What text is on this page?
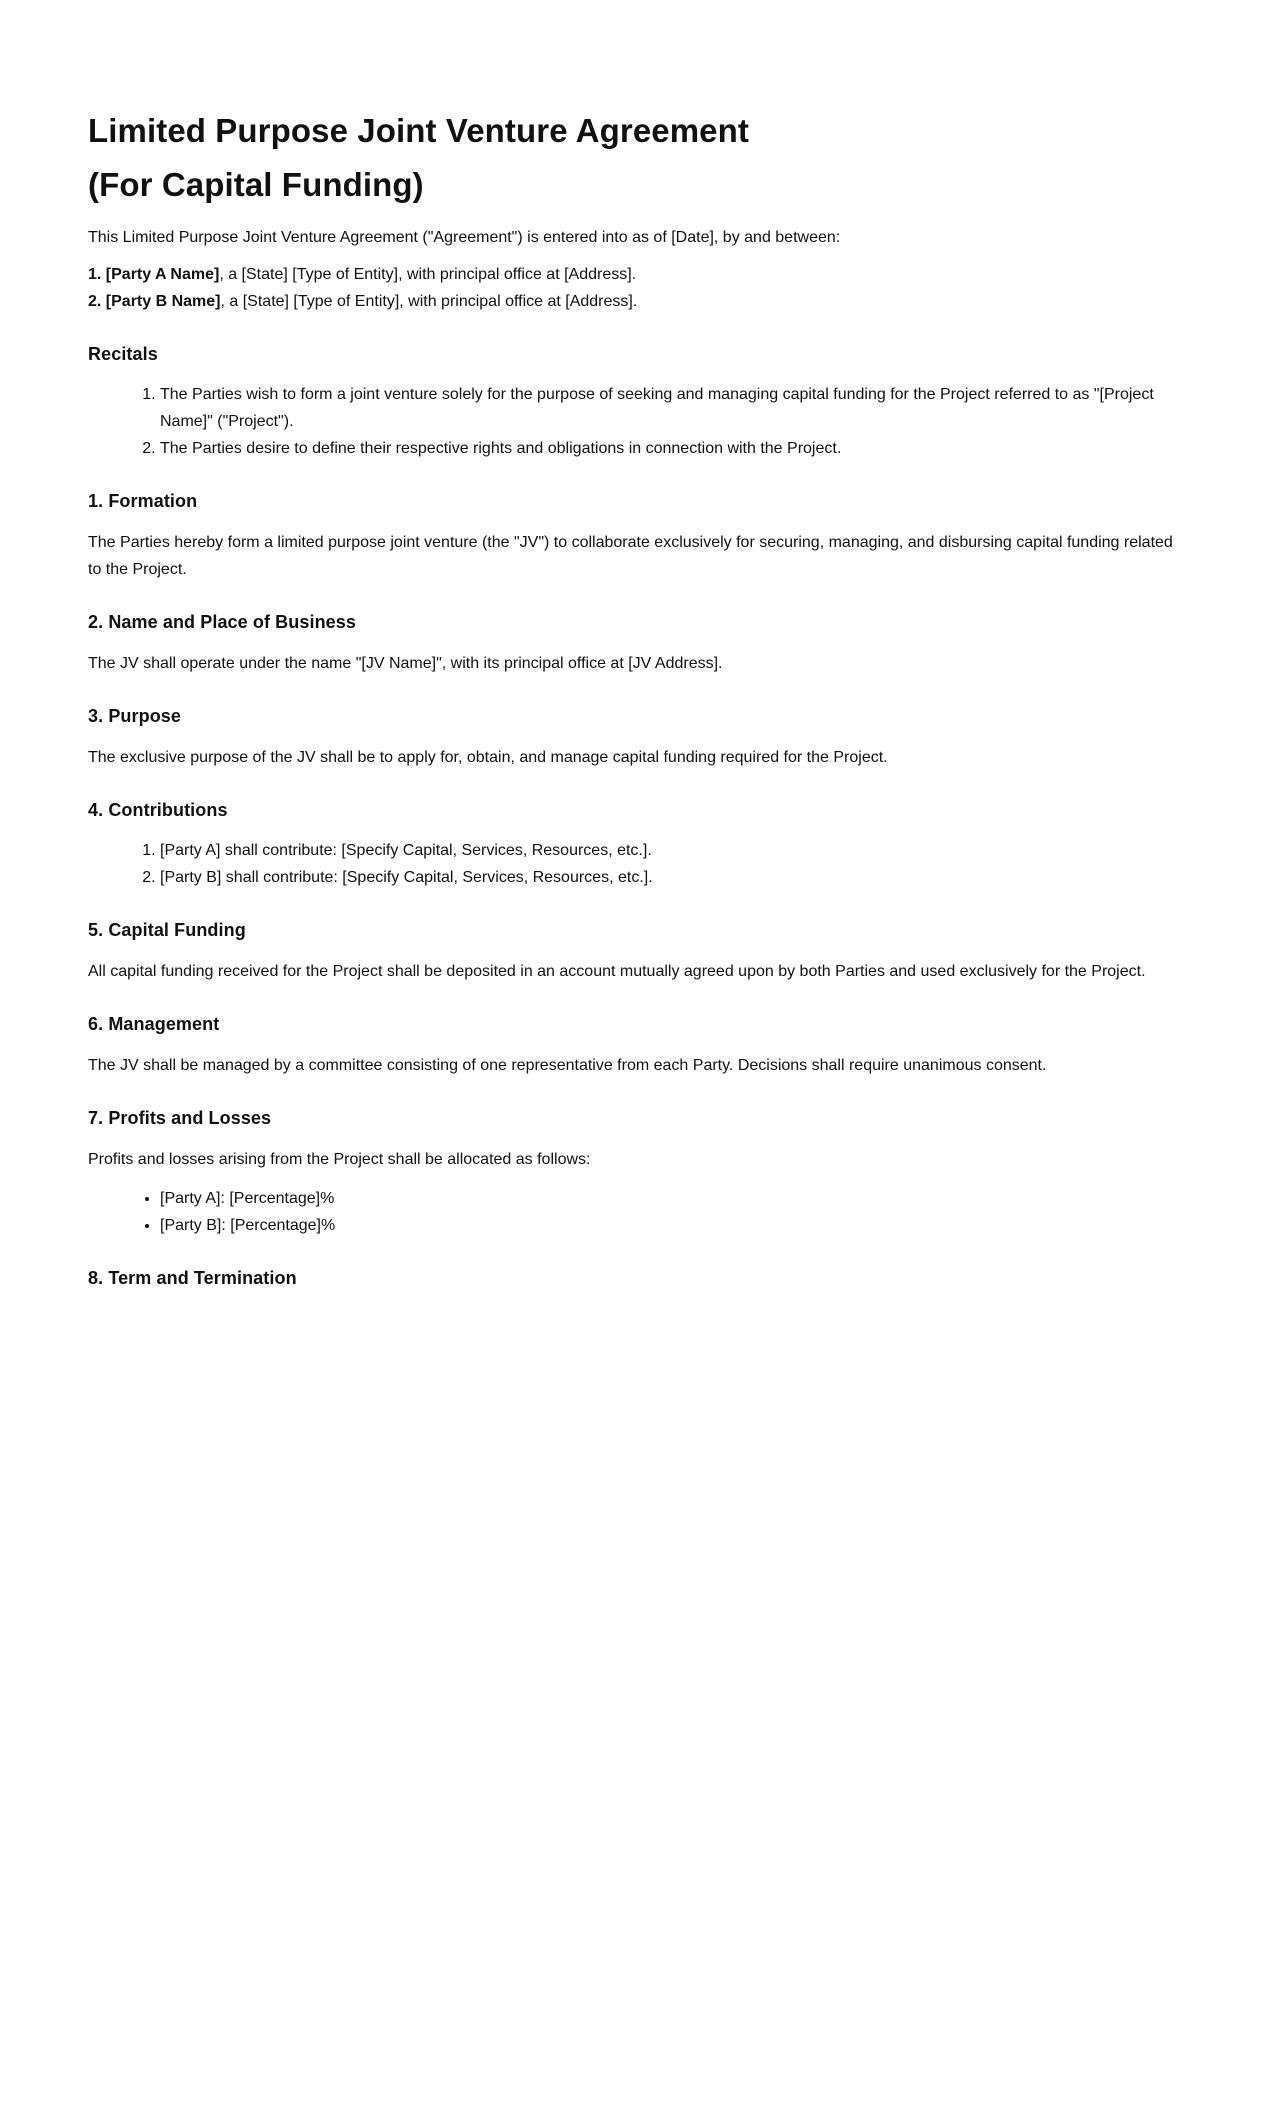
Limited Purpose Joint Venture Agreement
(For Capital Funding)

This Limited Purpose Joint Venture Agreement ("Agreement") is entered into as of [Date], by and between:

1. [Party A Name], a [State] [Type of Entity], with principal office at [Address].
2. [Party B Name], a [State] [Type of Entity], with principal office at [Address].
Recitals
1. The Parties wish to form a joint venture solely for the purpose of seeking and managing capital funding for the Project referred to as "[Project Name]" ("Project").
2. The Parties desire to define their respective rights and obligations in connection with the Project.
1. Formation

The Parties hereby form a limited purpose joint venture (the "JV") to collaborate exclusively for securing, managing, and disbursing capital funding related to the Project.

2. Name and Place of Business

The JV shall operate under the name "[JV Name]", with its principal office at [JV Address].

3. Purpose

The exclusive purpose of the JV shall be to apply for, obtain, and manage capital funding required for the Project.

4. Contributions
1. [Party A] shall contribute: [Specify Capital, Services, Resources, etc.].
2. [Party B] shall contribute: [Specify Capital, Services, Resources, etc.].
5. Capital Funding

All capital funding received for the Project shall be deposited in an account mutually agreed upon by both Parties and used exclusively for the Project.

6. Management

The JV shall be managed by a committee consisting of one representative from each Party. Decisions shall require unanimous consent.

7. Profits and Losses

Profits and losses arising from the Project shall be allocated as follows:

• [Party A]: [Percentage]%
• [Party B]: [Percentage]%
8. Term and Termination
